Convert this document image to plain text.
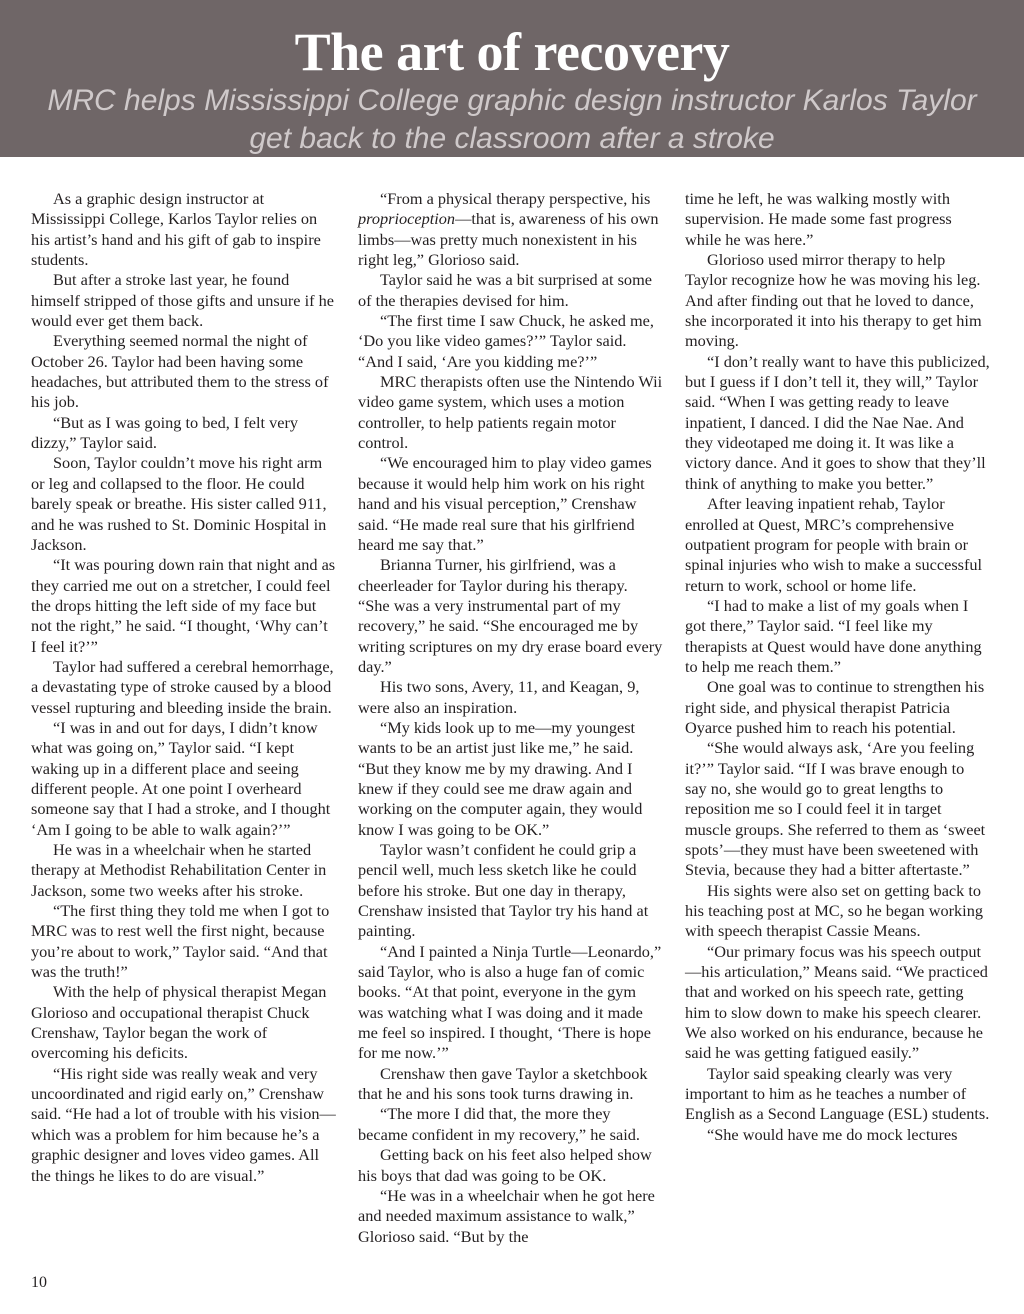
The art of recovery
MRC helps Mississippi College graphic design instructor Karlos Taylor
get back to the classroom after a stroke

As a graphic design instructor at Mississippi College, Karlos Taylor relies on his artist’s hand and his gift of gab to inspire students.

But after a stroke last year, he found himself stripped of those gifts and unsure if he would ever get them back.

Everything seemed normal the night of October 26. Taylor had been having some headaches, but attributed them to the stress of his job.

“But as I was going to bed, I felt very dizzy,” Taylor said.

Soon, Taylor couldn’t move his right arm or leg and collapsed to the floor. He could barely speak or breathe. His sister called 911, and he was rushed to St. Dominic Hospital in Jackson.

“It was pouring down rain that night and as they carried me out on a stretcher, I could feel the drops hitting the left side of my face but not the right,” he said. “I thought, ‘Why can’t I feel it?’”

Taylor had suffered a cerebral hemorrhage, a devastating type of stroke caused by a blood vessel rupturing and bleeding inside the brain.

“I was in and out for days, I didn’t know what was going on,” Taylor said. “I kept waking up in a different place and seeing different people. At one point I overheard someone say that I had a stroke, and I thought ‘Am I going to be able to walk again?’”

He was in a wheelchair when he started therapy at Methodist Rehabilitation Center in Jackson, some two weeks after his stroke.

“The first thing they told me when I got to MRC was to rest well the first night, because you’re about to work,” Taylor said. “And that was the truth!”

With the help of physical therapist Megan Glorioso and occupational therapist Chuck Crenshaw, Taylor began the work of overcoming his deficits.

“His right side was really weak and very uncoordinated and rigid early on,” Crenshaw said. “He had a lot of trouble with his vision—which was a problem for him because he’s a graphic designer and loves video games. All the things he likes to do are visual.”

“From a physical therapy perspective, his proprioception—that is, awareness of his own limbs—was pretty much nonexistent in his right leg,” Glorioso said.

Taylor said he was a bit surprised at some of the therapies devised for him.

“The first time I saw Chuck, he asked me, ‘Do you like video games?’” Taylor said. “And I said, ‘Are you kidding me?’”

MRC therapists often use the Nintendo Wii video game system, which uses a motion controller, to help patients regain motor control.

“We encouraged him to play video games because it would help him work on his right hand and his visual perception,” Crenshaw said. “He made real sure that his girlfriend heard me say that.”

Brianna Turner, his girlfriend, was a cheerleader for Taylor during his therapy. “She was a very instrumental part of my recovery,” he said. “She encouraged me by writing scriptures on my dry erase board every day.”

His two sons, Avery, 11, and Keagan, 9, were also an inspiration.

“My kids look up to me—my youngest wants to be an artist just like me,” he said. “But they know me by my drawing. And I knew if they could see me draw again and working on the computer again, they would know I was going to be OK.”

Taylor wasn’t confident he could grip a pencil well, much less sketch like he could before his stroke. But one day in therapy, Crenshaw insisted that Taylor try his hand at painting.

“And I painted a Ninja Turtle—Leonardo,” said Taylor, who is also a huge fan of comic books. “At that point, everyone in the gym was watching what I was doing and it made me feel so inspired. I thought, ‘There is hope for me now.’”

Crenshaw then gave Taylor a sketchbook that he and his sons took turns drawing in.

“The more I did that, the more they became confident in my recovery,” he said.

Getting back on his feet also helped show his boys that dad was going to be OK.

“He was in a wheelchair when he got here and needed maximum assistance to walk,” Glorioso said. “But by the

time he left, he was walking mostly with supervision. He made some fast progress while he was here.”

Glorioso used mirror therapy to help Taylor recognize how he was moving his leg. And after finding out that he loved to dance, she incorporated it into his therapy to get him moving.

“I don’t really want to have this publicized, but I guess if I don’t tell it, they will,” Taylor said. “When I was getting ready to leave inpatient, I danced. I did the Nae Nae. And they videotaped me doing it. It was like a victory dance. And it goes to show that they’ll think of anything to make you better.”

After leaving inpatient rehab, Taylor enrolled at Quest, MRC’s comprehensive outpatient program for people with brain or spinal injuries who wish to make a successful return to work, school or home life.

“I had to make a list of my goals when I got there,” Taylor said. “I feel like my therapists at Quest would have done anything to help me reach them.”

One goal was to continue to strengthen his right side, and physical therapist Patricia Oyarce pushed him to reach his potential.

“She would always ask, ‘Are you feeling it?’” Taylor said. “If I was brave enough to say no, she would go to great lengths to reposition me so I could feel it in target muscle groups. She referred to them as ‘sweet spots’—they must have been sweetened with Stevia, because they had a bitter aftertaste.”

His sights were also set on getting back to his teaching post at MC, so he began working with speech therapist Cassie Means.

“Our primary focus was his speech output—his articulation,” Means said. “We practiced that and worked on his speech rate, getting him to slow down to make his speech clearer. We also worked on his endurance, because he said he was getting fatigued easily.”

Taylor said speaking clearly was very important to him as he teaches a number of English as a Second Language (ESL) students.

“She would have me do mock lectures

10
